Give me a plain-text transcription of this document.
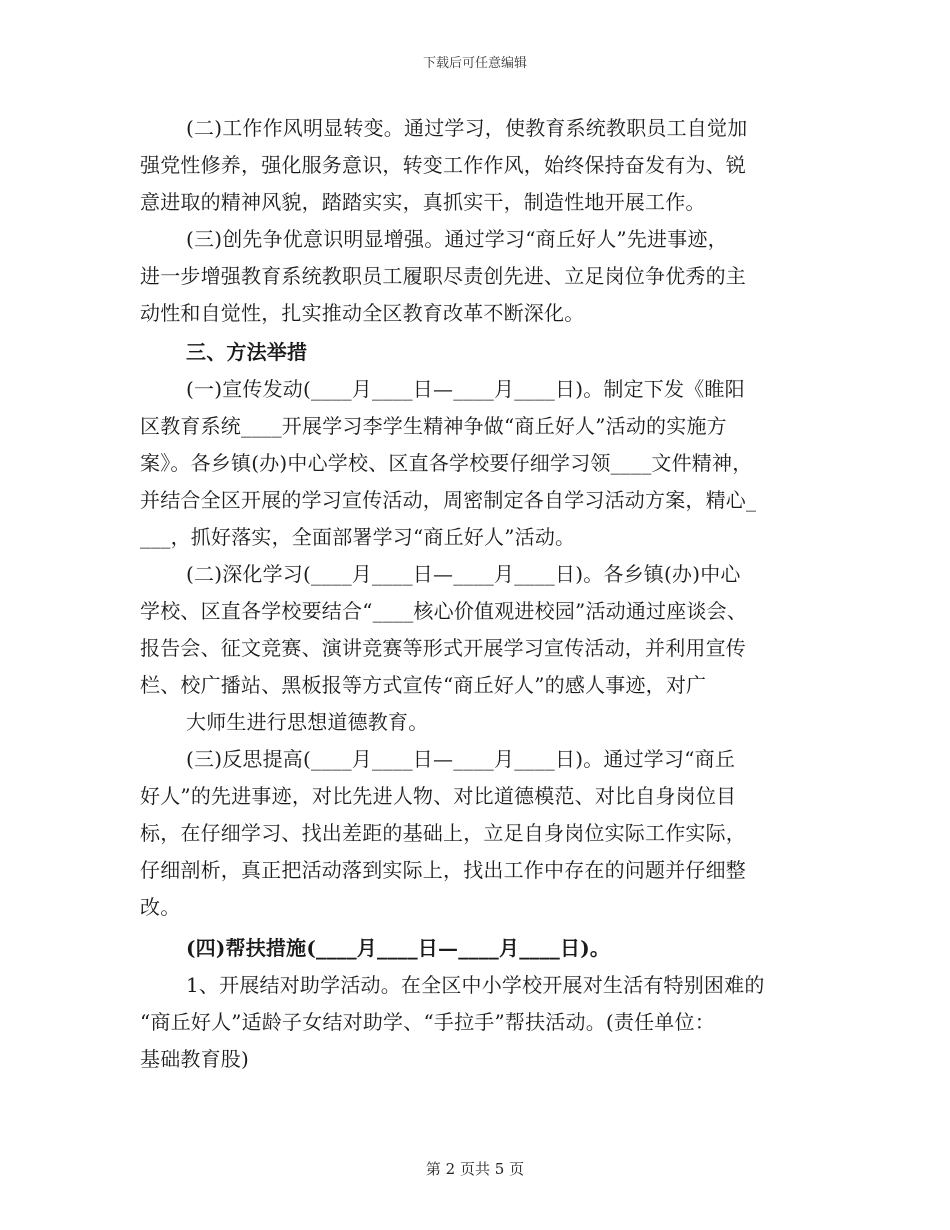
下载后可任意编辑
(二)工作作风明显转变。通过学习，使教育系统教职员工自觉加
强党性修养，强化服务意识，转变工作作风，始终保持奋发有为、锐
意进取的精神风貌，踏踏实实，真抓实干，制造性地开展工作。
(三)创先争优意识明显增强。通过学习“商丘好人”先进事迹，
进一步增强教育系统教职员工履职尽责创先进、立足岗位争优秀的主
动性和自觉性，扎实推动全区教育改革不断深化。
三、方法举措
(一)宣传发动(____月____日—____月____日)。制定下发《睢阳
区教育系统____开展学习李学生精神争做“商丘好人”活动的实施方
案》。各乡镇(办)中心学校、区直各学校要仔细学习领____文件精神，
并结合全区开展的学习宣传活动，周密制定各自学习活动方案，精心_
___，抓好落实，全面部署学习“商丘好人”活动。
(二)深化学习(____月____日—____月____日)。各乡镇(办)中心
学校、区直各学校要结合“____核心价值观进校园”活动通过座谈会、
报告会、征文竞赛、演讲竞赛等形式开展学习宣传活动，并利用宣传
栏、校广播站、黑板报等方式宣传“商丘好人”的感人事迹，对广
大师生进行思想道德教育。
(三)反思提高(____月____日—____月____日)。通过学习“商丘
好人”的先进事迹，对比先进人物、对比道德模范、对比自身岗位目
标，在仔细学习、找出差距的基础上，立足自身岗位实际工作实际，
仔细剖析，真正把活动落到实际上，找出工作中存在的问题并仔细整
改。
(四)帮扶措施(____月____日—____月____日)。
1、开展结对助学活动。在全区中小学校开展对生活有特别困难的
“商丘好人”适龄子女结对助学、“手拉手”帮扶活动。(责任单位：
基础教育股)
第 2 页共 5 页
